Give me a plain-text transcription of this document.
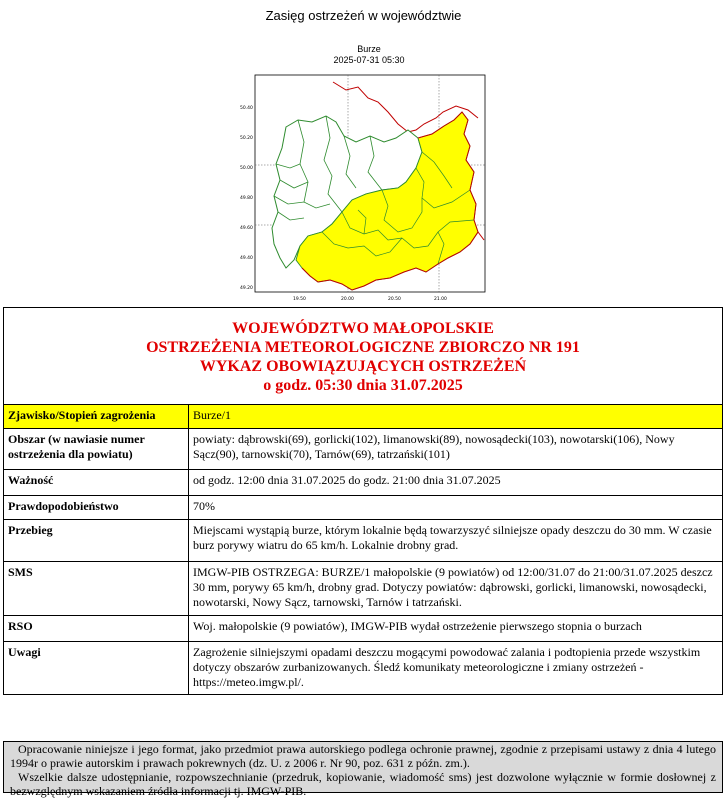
Zasięg ostrzeżeń w województwie
Burze
2025-07-31 05:30
50.40
50.20
50.00
49.80
49.60
49.40
49.20
19.50	20.00	20.50	21.00
WOJEWÓDZTWO MAŁOPOLSKIE
OSTRZEŻENIA METEOROLOGICZNE ZBIORCZO NR 191
WYKAZ OBOWIĄZUJĄCYCH OSTRZEŻEŃ
o godz. 05:30 dnia 31.07.2025
Zjawisko/Stopień zagrożenia	Burze/1
Obszar (w nawiasie numer ostrzeżenia dla powiatu)	powiaty: dąbrowski(69), gorlicki(102), limanowski(89), nowosądecki(103), nowotarski(106), Nowy Sącz(90), tarnowski(70), Tarnów(69), tatrzański(101)
Ważność	od godz. 12:00 dnia 31.07.2025 do godz. 21:00 dnia 31.07.2025
Prawdopodobieństwo	70%
Przebieg	Miejscami wystąpią burze, którym lokalnie będą towarzyszyć silniejsze opady deszczu do 30 mm. W czasie burz porywy wiatru do 65 km/h. Lokalnie drobny grad.
SMS	IMGW-PIB OSTRZEGA: BURZE/1 małopolskie (9 powiatów) od 12:00/31.07 do 21:00/31.07.2025 deszcz 30 mm, porywy 65 km/h, drobny grad. Dotyczy powiatów: dąbrowski, gorlicki, limanowski, nowosądecki, nowotarski, Nowy Sącz, tarnowski, Tarnów i tatrzański.
RSO	Woj. małopolskie (9 powiatów), IMGW-PIB wydał ostrzeżenie pierwszego stopnia o burzach
Uwagi	Zagrożenie silniejszymi opadami deszczu mogącymi powodować zalania i podtopienia przede wszystkim dotyczy obszarów zurbanizowanych. Śledź komunikaty meteorologiczne i zmiany ostrzeżeń - https://meteo.imgw.pl/.

Opracowanie niniejsze i jego format, jako przedmiot prawa autorskiego podlega ochronie prawnej, zgodnie z przepisami ustawy z dnia 4 lutego 1994r o prawie autorskim i prawach pokrewnych (dz. U. z 2006 r. Nr 90, poz. 631 z późn. zm.).

Wszelkie dalsze udostępnianie, rozpowszechnianie (przedruk, kopiowanie, wiadomość sms) jest dozwolone wyłącznie w formie dosłownej z bezwzględnym wskazaniem źródła informacji tj. IMGW-PIB.
